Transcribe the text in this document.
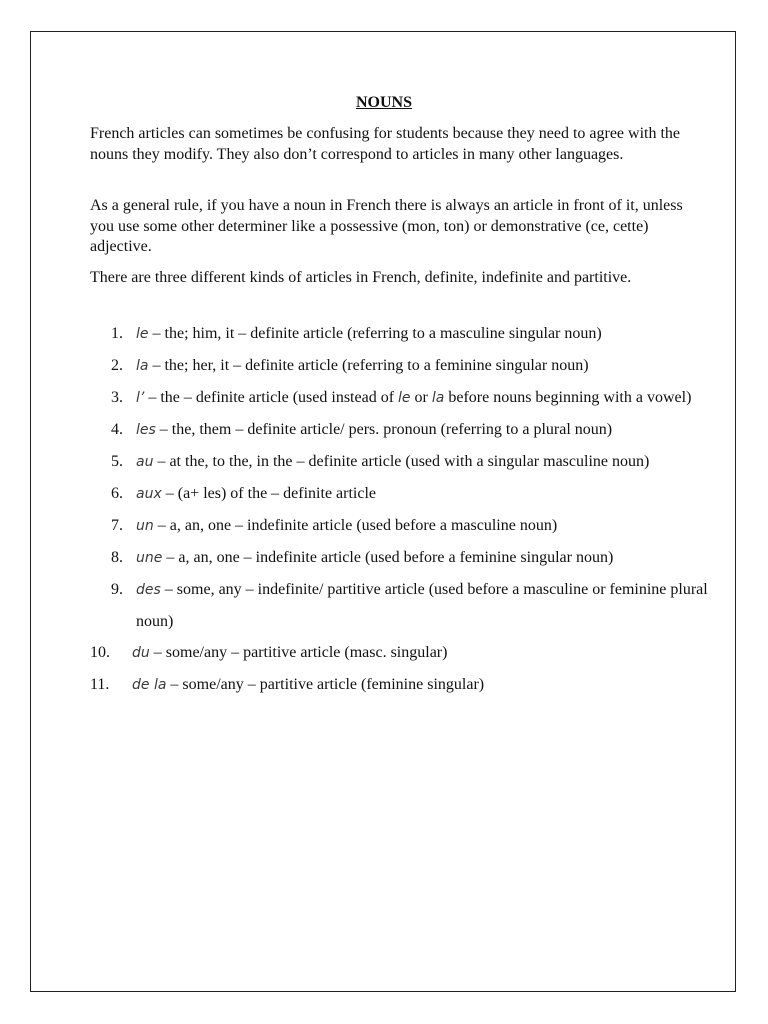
NOUNS

French articles can sometimes be confusing for students because they need to agree with the nouns they modify. They also don’t correspond to articles in many other languages.

As a general rule, if you have a noun in French there is always an article in front of it, unless you use some other determiner like a possessive (mon, ton) or demonstrative (ce, cette) adjective.

There are three different kinds of articles in French, definite, indefinite and partitive.

1. le – the; him, it – definite article (referring to a masculine singular noun)
2. la – the; her, it – definite article (referring to a feminine singular noun)
3. l’ – the – definite article (used instead of le or la before nouns beginning with a vowel)
4. les – the, them – definite article/ pers. pronoun (referring to a plural noun)
5. au – at the, to the, in the – definite article (used with a singular masculine noun)
6. aux – (a+ les) of the – definite article
7. un – a, an, one – indefinite article (used before a masculine noun)
8. une – a, an, one – indefinite article (used before a feminine singular noun)
9. des – some, any – indefinite/ partitive article (used before a masculine or feminine plural noun)
10. du – some/any – partitive article (masc. singular)
11. de la – some/any – partitive article (feminine singular)
